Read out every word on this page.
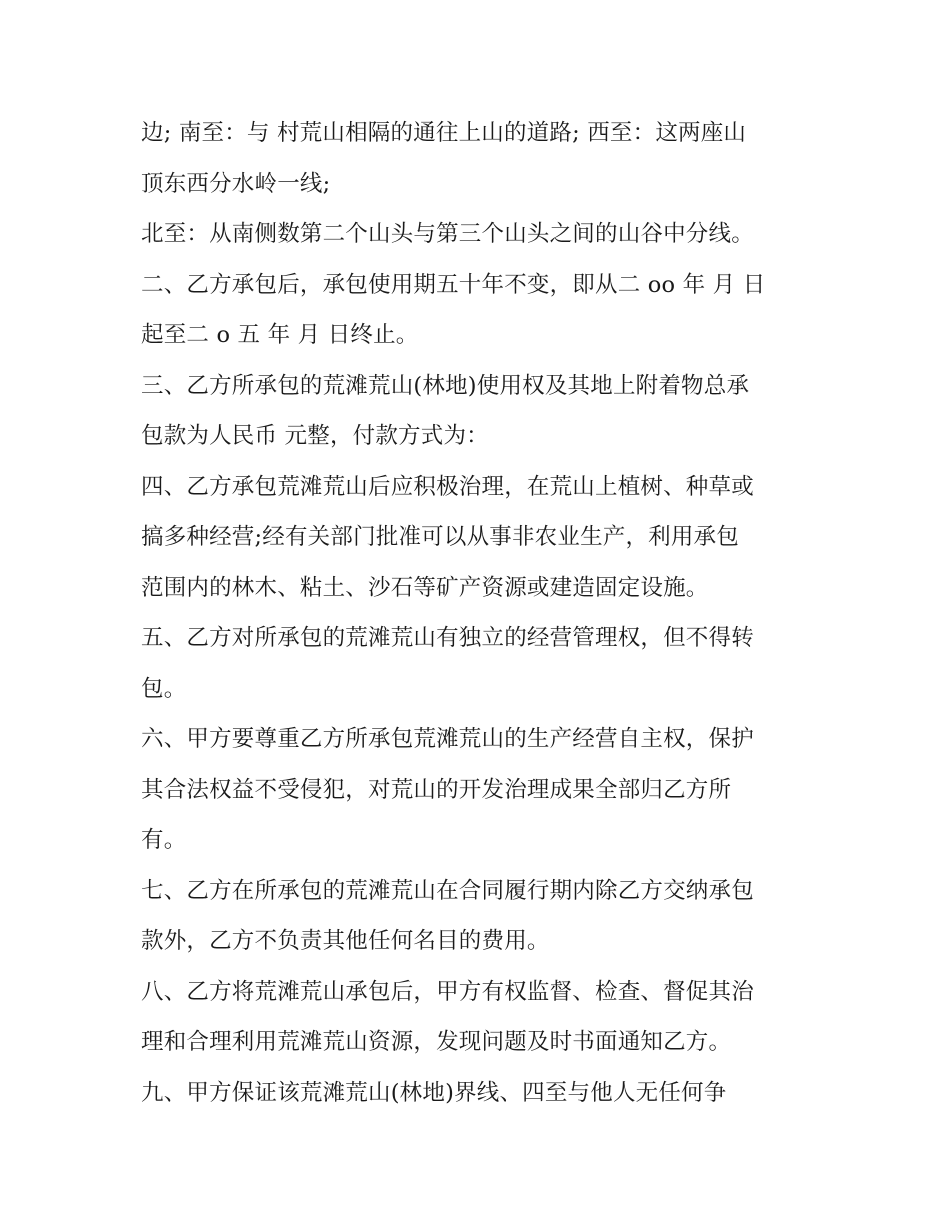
边; 南至：与 村荒山相隔的通往上山的道路; 西至：这两座山

顶东西分水岭一线;

北至：从南侧数第二个山头与第三个山头之间的山谷中分线。

二、乙方承包后，承包使用期五十年不变，即从二 oo 年 月 日

起至二 o 五 年 月 日终止。

三、乙方所承包的荒滩荒山(林地)使用权及其地上附着物总承

包款为人民币 元整，付款方式为：

四、乙方承包荒滩荒山后应积极治理，在荒山上植树、种草或

搞多种经营;经有关部门批准可以从事非农业生产，利用承包

范围内的林木、粘土、沙石等矿产资源或建造固定设施。

五、乙方对所承包的荒滩荒山有独立的经营管理权，但不得转

包。

六、甲方要尊重乙方所承包荒滩荒山的生产经营自主权，保护

其合法权益不受侵犯，对荒山的开发治理成果全部归乙方所

有。

七、乙方在所承包的荒滩荒山在合同履行期内除乙方交纳承包

款外，乙方不负责其他任何名目的费用。

八、乙方将荒滩荒山承包后，甲方有权监督、检查、督促其治

理和合理利用荒滩荒山资源，发现问题及时书面通知乙方。

九、甲方保证该荒滩荒山(林地)界线、四至与他人无任何争
